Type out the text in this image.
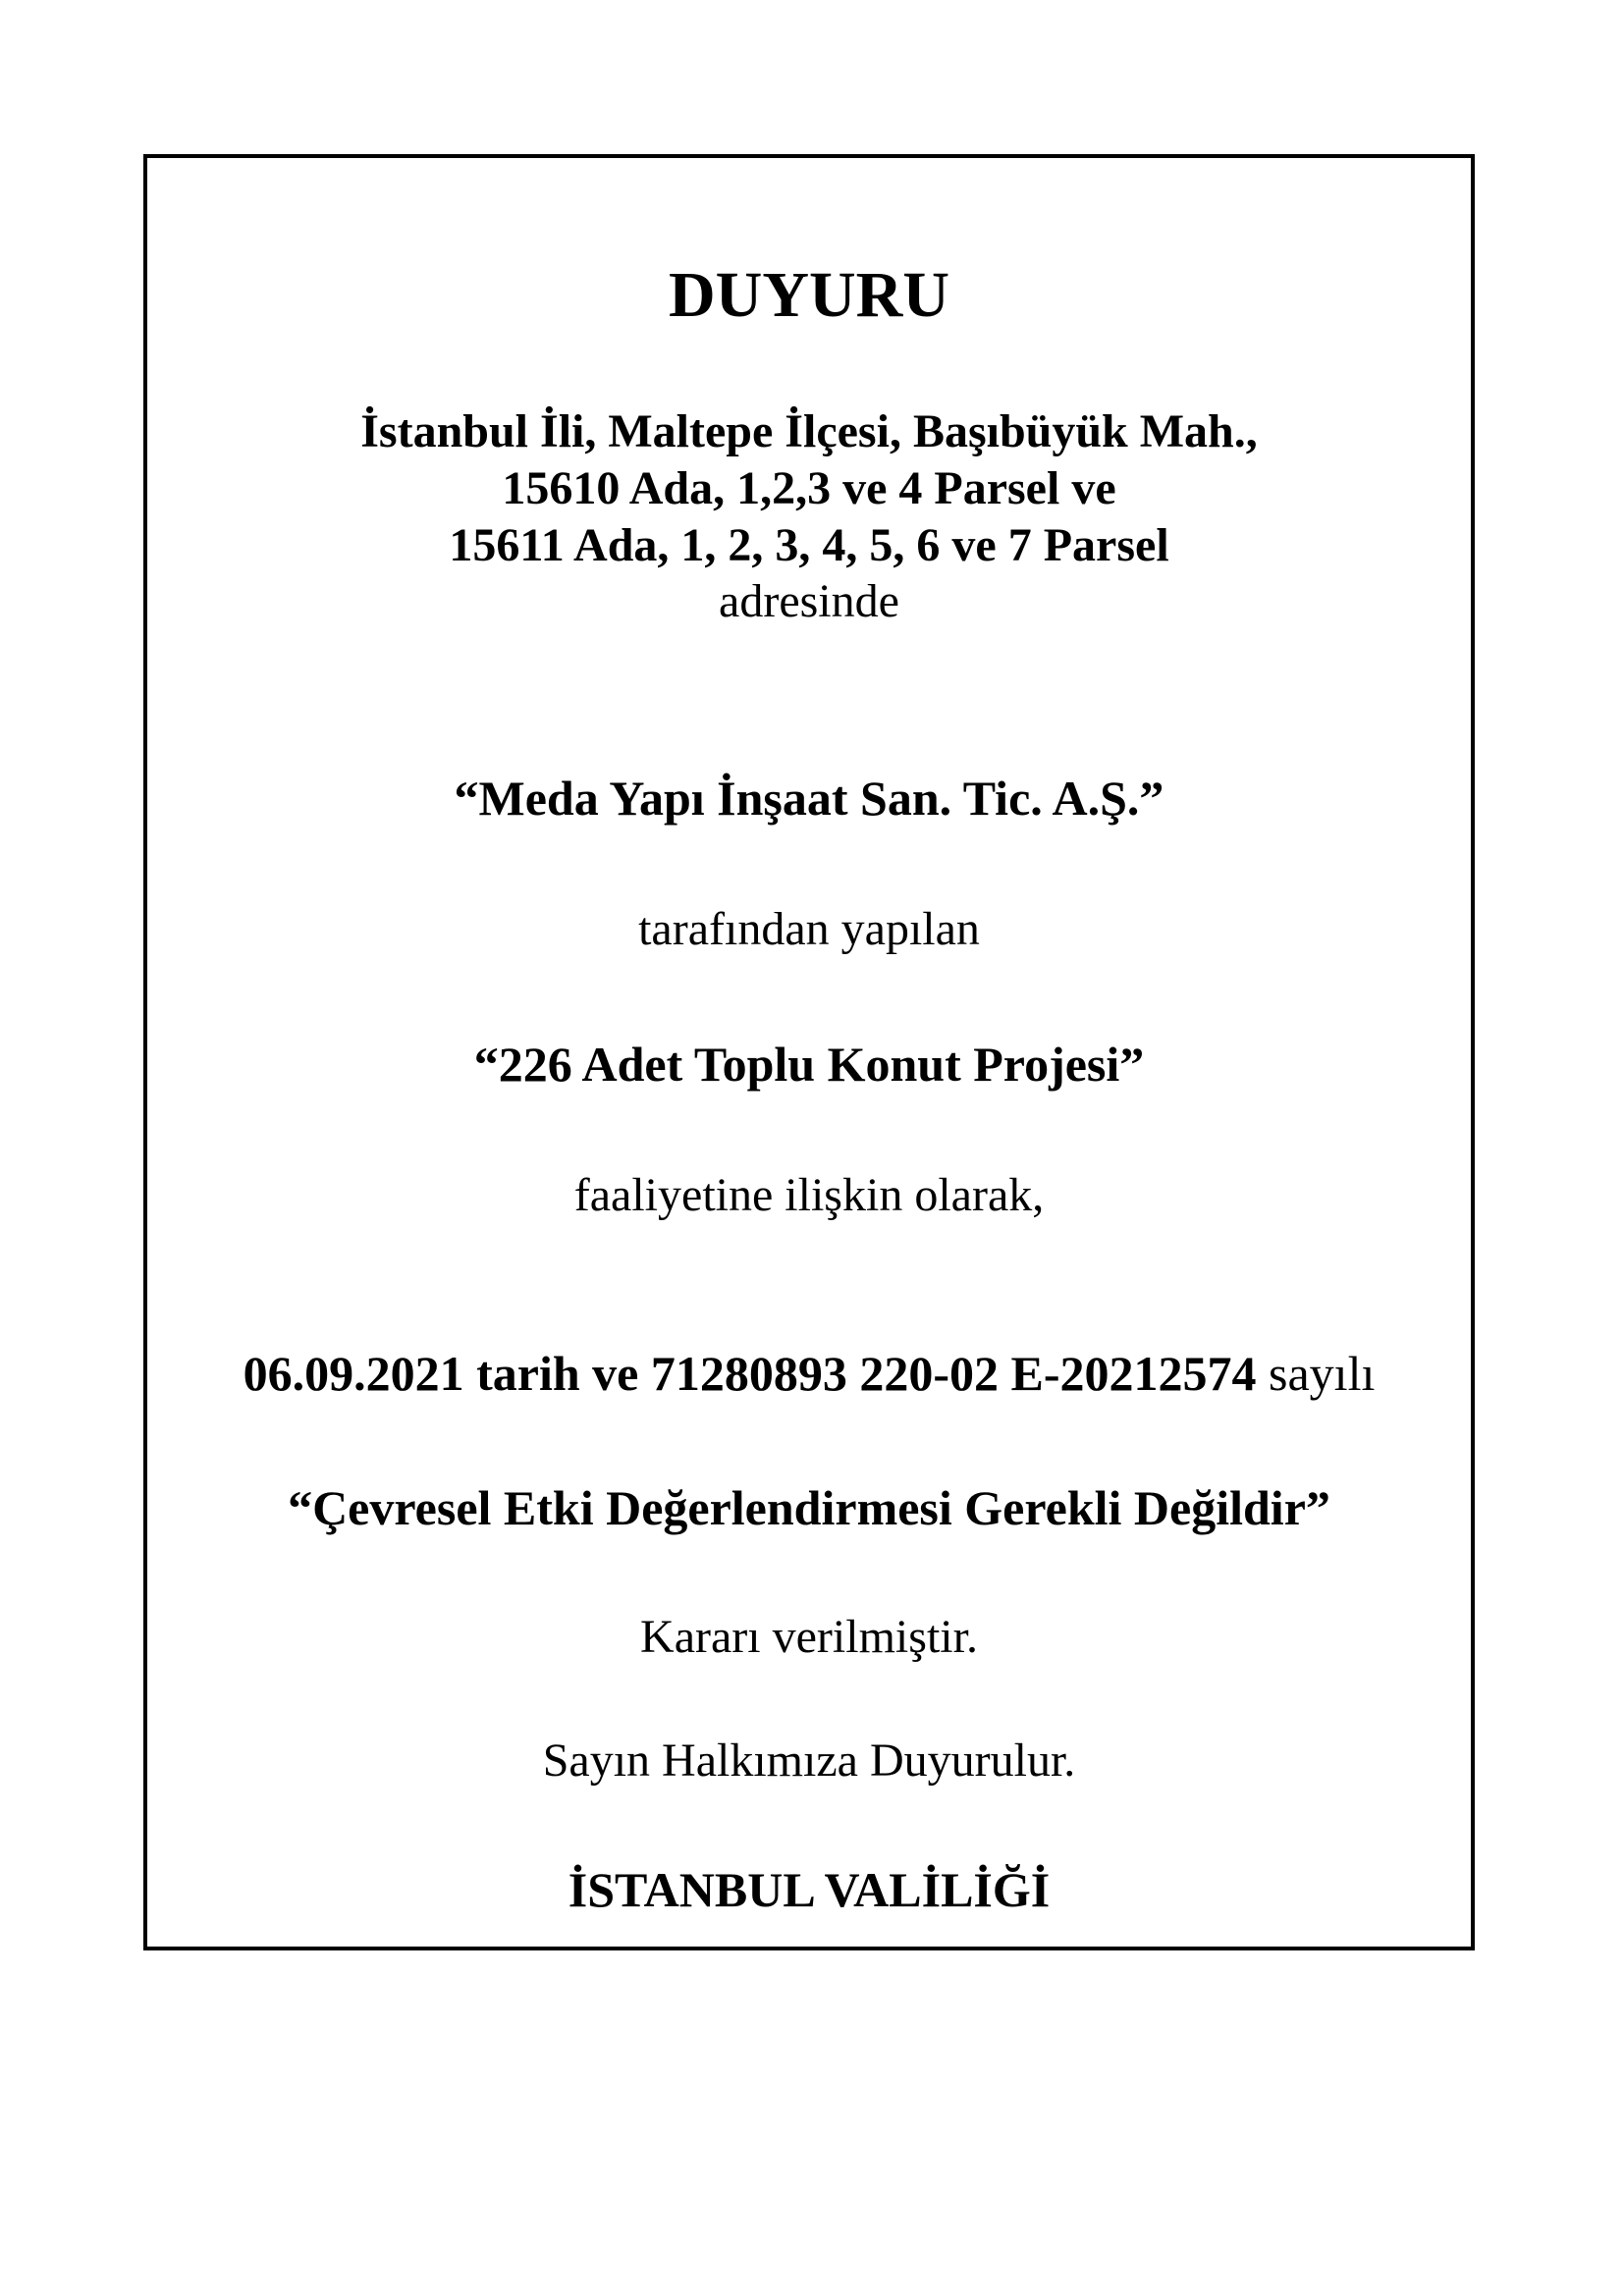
DUYURU
İstanbul İli, Maltepe İlçesi, Başıbüyük Mah.,
15610 Ada, 1,2,3 ve 4 Parsel ve
15611 Ada, 1, 2, 3, 4, 5, 6 ve 7 Parsel
adresinde
“Meda Yapı İnşaat San. Tic. A.Ş.”
tarafından yapılan
“226 Adet Toplu Konut Projesi”
faaliyetine ilişkin olarak,
06.09.2021 tarih ve 71280893 220-02 E-20212574 sayılı
“Çevresel Etki Değerlendirmesi Gerekli Değildir”
Kararı verilmiştir.
Sayın Halkımıza Duyurulur.
İSTANBUL VALİLİĞİ
